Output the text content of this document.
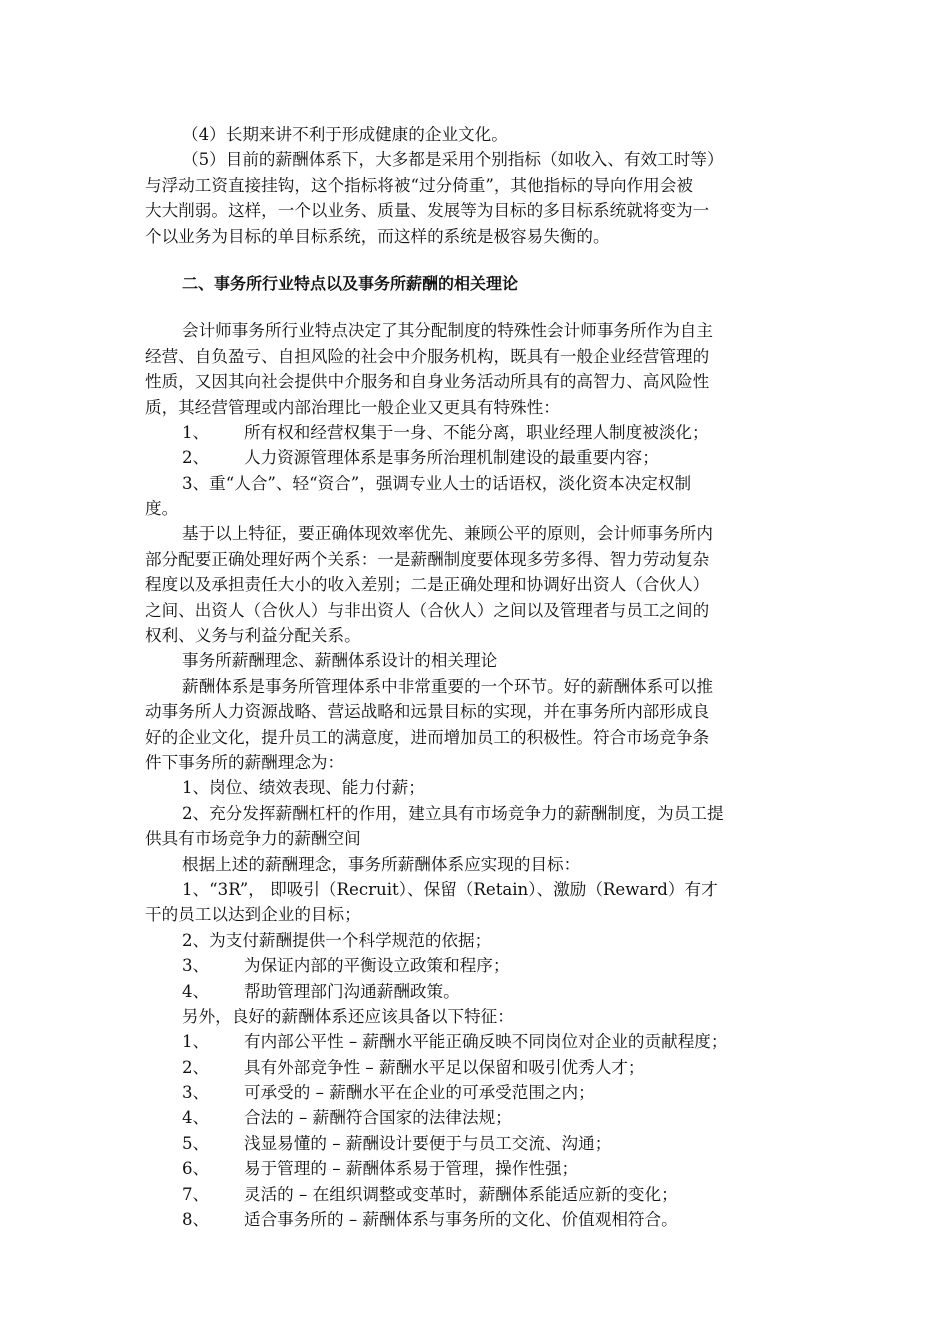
（4）长期来讲不利于形成健康的企业文化。
（5）目前的薪酬体系下，大多都是采用个别指标（如收入、有效工时等）
与浮动工资直接挂钩，这个指标将被“过分倚重”，其他指标的导向作用会被
大大削弱。这样，一个以业务、质量、发展等为目标的多目标系统就将变为一
个以业务为目标的单目标系统，而这样的系统是极容易失衡的。
二、事务所行业特点以及事务所薪酬的相关理论
会计师事务所行业特点决定了其分配制度的特殊性会计师事务所作为自主
经营、自负盈亏、自担风险的社会中介服务机构，既具有一般企业经营管理的
性质，又因其向社会提供中介服务和自身业务活动所具有的高智力、高风险性
质，其经营管理或内部治理比一般企业又更具有特殊性：
1、 所有权和经营权集于一身、不能分离，职业经理人制度被淡化；
2、 人力资源管理体系是事务所治理机制建设的最重要内容；
3、重“人合”、轻“资合”，强调专业人士的话语权，淡化资本决定权制
度。
基于以上特征，要正确体现效率优先、兼顾公平的原则，会计师事务所内
部分配要正确处理好两个关系：一是薪酬制度要体现多劳多得、智力劳动复杂
程度以及承担责任大小的收入差别；二是正确处理和协调好出资人（合伙人）
之间、出资人（合伙人）与非出资人（合伙人）之间以及管理者与员工之间的
权利、义务与利益分配关系。
事务所薪酬理念、薪酬体系设计的相关理论
薪酬体系是事务所管理体系中非常重要的一个环节。好的薪酬体系可以推
动事务所人力资源战略、营运战略和远景目标的实现，并在事务所内部形成良
好的企业文化，提升员工的满意度，进而增加员工的积极性。符合市场竞争条
件下事务所的薪酬理念为：
1、岗位、绩效表现、能力付薪；
2、充分发挥薪酬杠杆的作用，建立具有市场竞争力的薪酬制度，为员工提
供具有市场竞争力的薪酬空间
根据上述的薪酬理念，事务所薪酬体系应实现的目标：
1、“3R”， 即吸引（Recruit）、保留（Retain）、激励（Reward）有才
干的员工以达到企业的目标；
2、为支付薪酬提供一个科学规范的依据；
3、 为保证内部的平衡设立政策和程序；
4、 帮助管理部门沟通薪酬政策。
另外，良好的薪酬体系还应该具备以下特征：
1、 有内部公平性 – 薪酬水平能正确反映不同岗位对企业的贡献程度；
2、 具有外部竞争性 – 薪酬水平足以保留和吸引优秀人才；
3、 可承受的 – 薪酬水平在企业的可承受范围之内；
4、 合法的 – 薪酬符合国家的法律法规；
5、 浅显易懂的 – 薪酬设计要便于与员工交流、沟通；
6、 易于管理的 – 薪酬体系易于管理，操作性强；
7、 灵活的 – 在组织调整或变革时，薪酬体系能适应新的变化；
8、 适合事务所的 – 薪酬体系与事务所的文化、价值观相符合。
